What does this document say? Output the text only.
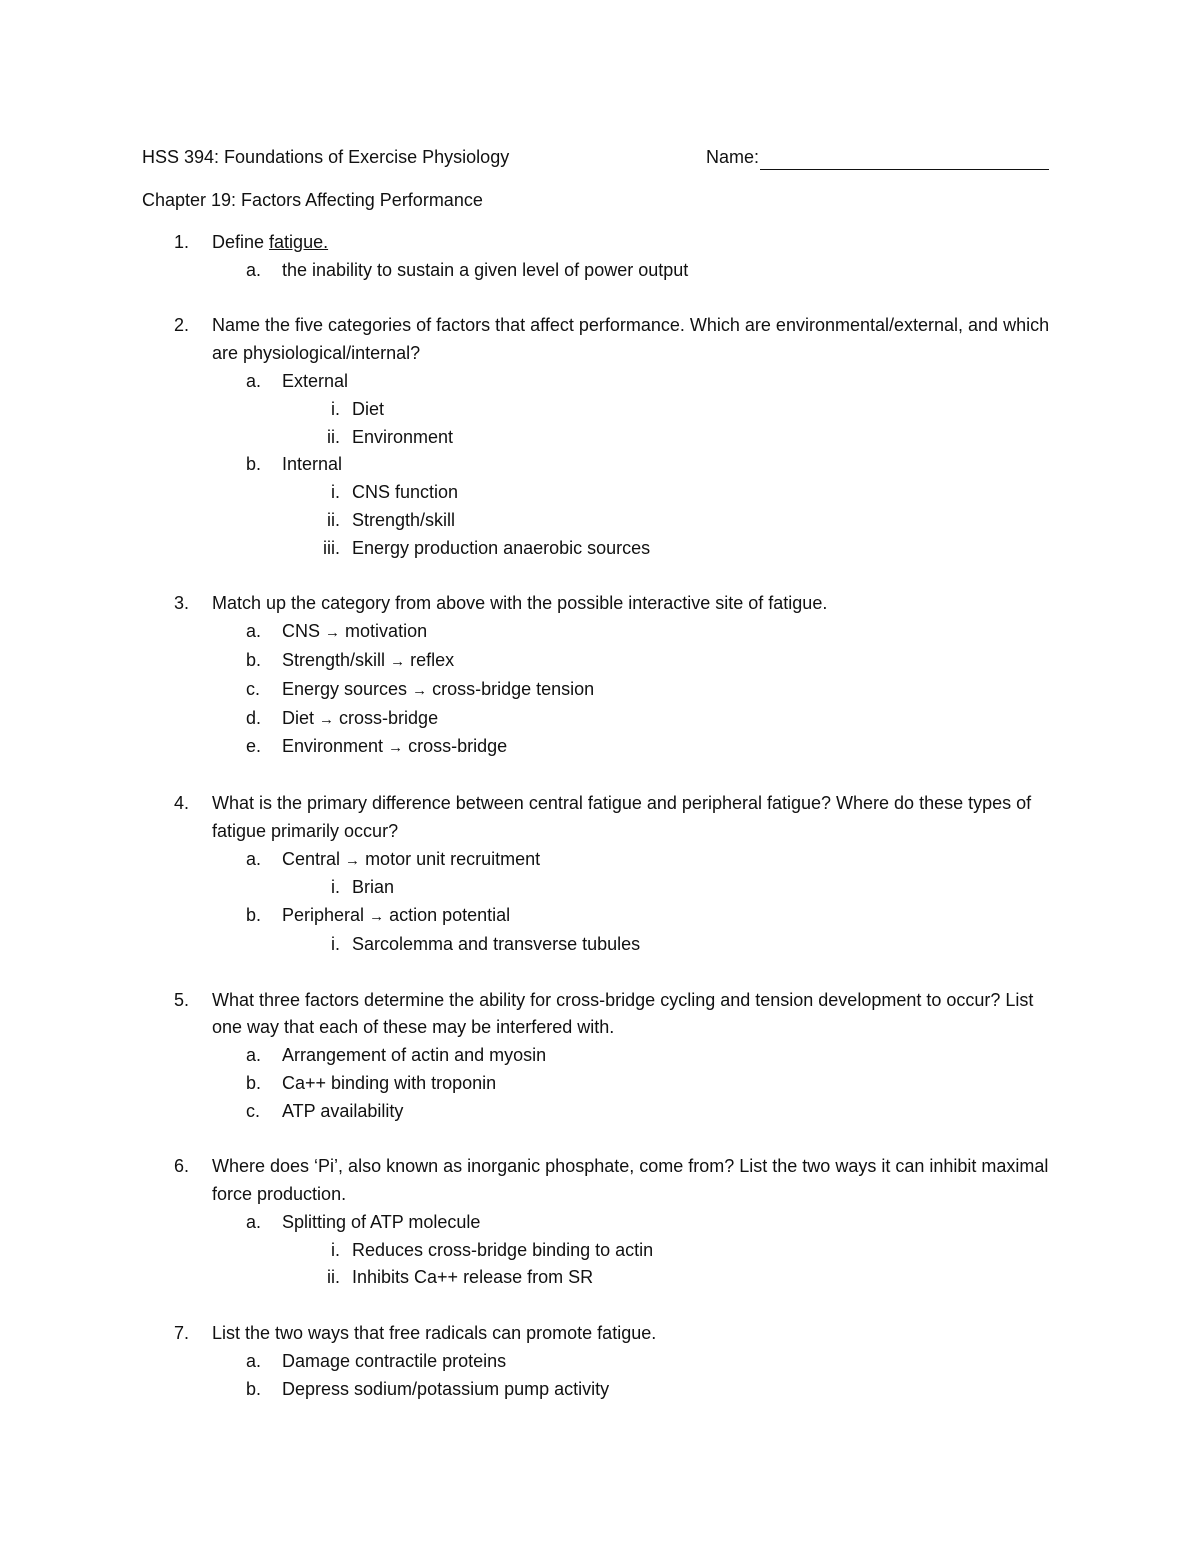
HSS 394: Foundations of Exercise Physiology	Name:
Chapter 19: Factors Affecting Performance
1. Define fatigue.
a. the inability to sustain a given level of power output
2. Name the five categories of factors that affect performance. Which are environmental/external, and which are physiological/internal?
a. External
i. Diet
ii. Environment
b. Internal
i. CNS function
ii. Strength/skill
iii. Energy production anaerobic sources
3. Match up the category from above with the possible interactive site of fatigue.
a. CNS → motivation
b. Strength/skill → reflex
c. Energy sources → cross-bridge tension
d. Diet → cross-bridge
e. Environment → cross-bridge
4. What is the primary difference between central fatigue and peripheral fatigue? Where do these types of fatigue primarily occur?
a. Central → motor unit recruitment
i. Brian
b. Peripheral → action potential
i. Sarcolemma and transverse tubules
5. What three factors determine the ability for cross-bridge cycling and tension development to occur? List one way that each of these may be interfered with.
a. Arrangement of actin and myosin
b. Ca++ binding with troponin
c. ATP availability
6. Where does ‘Pi’, also known as inorganic phosphate, come from? List the two ways it can inhibit maximal force production.
a. Splitting of ATP molecule
i. Reduces cross-bridge binding to actin
ii. Inhibits Ca++ release from SR
7. List the two ways that free radicals can promote fatigue.
a. Damage contractile proteins
b. Depress sodium/potassium pump activity
